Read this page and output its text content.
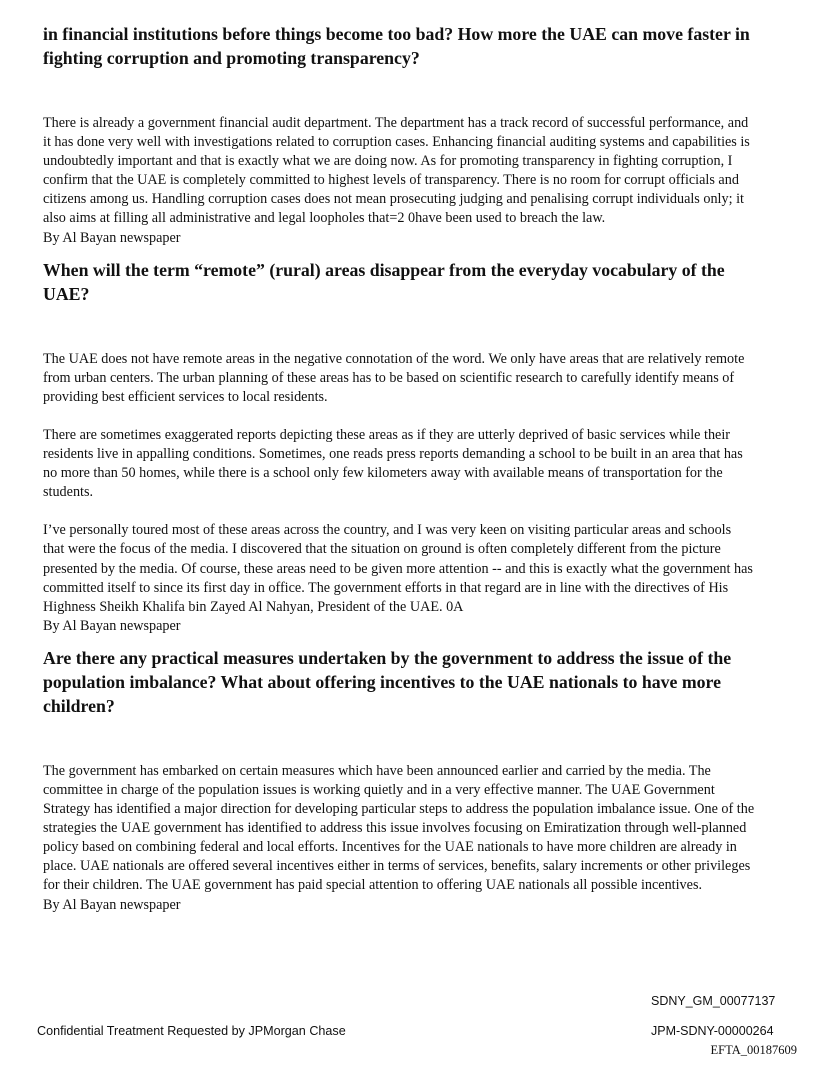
in financial institutions before things become too bad? How more the UAE can move faster in fighting corruption and promoting transparency?

There is already a government financial audit department. The department has a track record of successful performance, and it has done very well with investigations related to corruption cases. Enhancing financial auditing systems and capabilities is undoubtedly important and that is exactly what we are doing now. As for promoting transparency in fighting corruption, I confirm that the UAE is completely committed to highest levels of transparency. There is no room for corrupt officials and citizens among us. Handling corruption cases does not mean prosecuting judging and penalising corrupt individuals only; it also aims at filling all administrative and legal loopholes that=2 0have been used to breach the law.

By Al Bayan newspaper

When will the term “remote” (rural) areas disappear from the everyday vocabulary of the UAE?

The UAE does not have remote areas in the negative connotation of the word. We only have areas that are relatively remote from urban centers. The urban planning of these areas has to be based on scientific research to carefully identify means of providing best efficient services to local residents.

There are sometimes exaggerated reports depicting these areas as if they are utterly deprived of basic services while their residents live in appalling conditions. Sometimes, one reads press reports demanding a school to be built in an area that has no more than 50 homes, while there is a school only few kilometers away with available means of transportation for the students.

I’ve personally toured most of these areas across the country, and I was very keen on visiting particular areas and schools that were the focus of the media. I discovered that the situation on ground is often completely different from the picture presented by the media. Of course, these areas need to be given more attention -- and this is exactly what the government has committed itself to since its first day in office. The government efforts in that regard are in line with the directives of His Highness Sheikh Khalifa bin Zayed Al Nahyan, President of the UAE. 0A

By Al Bayan newspaper

Are there any practical measures undertaken by the government to address the issue of the population imbalance? What about offering incentives to the UAE nationals to have more children?

The government has embarked on certain measures which have been announced earlier and carried by the media. The committee in charge of the population issues is working quietly and in a very effective manner. The UAE Government Strategy has identified a major direction for developing particular steps to address the population imbalance issue. One of the strategies the UAE government has identified to address this issue involves focusing on Emiratization through well-planned policy based on combining federal and local efforts. Incentives for the UAE nationals to have more children are already in place. UAE nationals are offered several incentives either in terms of services, benefits, salary increments or other privileges for their children. The UAE government has paid special attention to offering UAE nationals all possible incentives.

By Al Bayan newspaper

SDNY_GM_00077137
Confidential Treatment Requested by JPMorgan Chase	JPM-SDNY-00000264
EFTA_00187609
